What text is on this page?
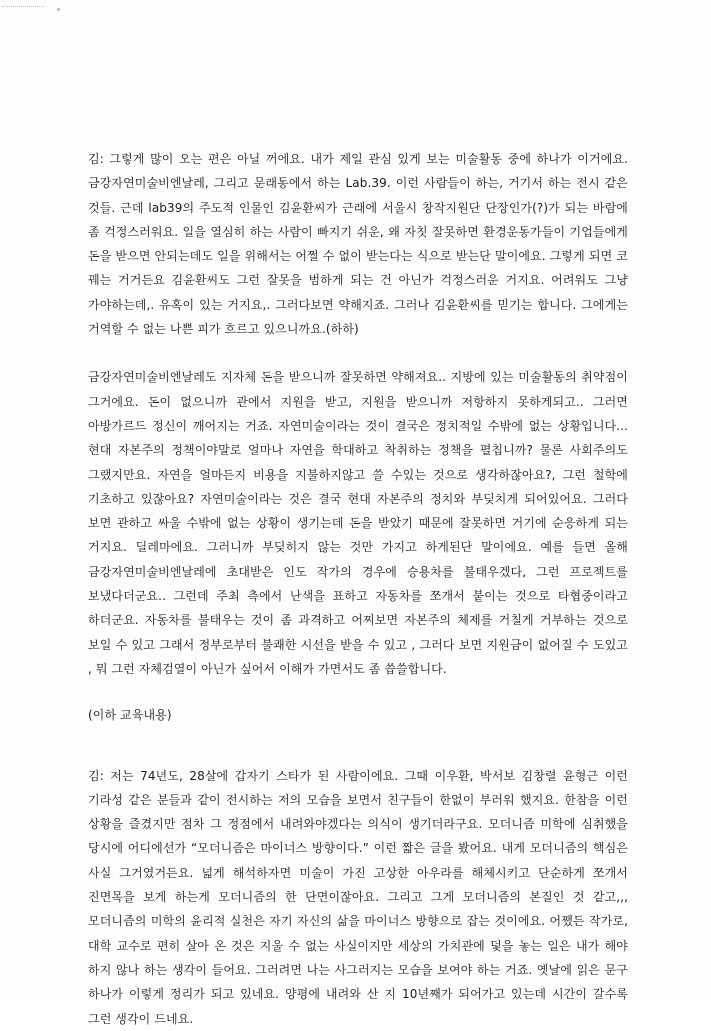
김: 그렇게 많이 오는 편은 아닐 꺼에요. 내가 제일 관심 있게 보는 미술활동 중에 하나가 이거에요. 금강자연미술비엔날레, 그리고 문래동에서 하는 Lab.39. 이런 사람들이 하는, 거기서 하는 전시 같은 것들. 근데 lab39의 주도적 인물인 김윤환씨가 근래에 서울시 창작지원단 단장인가(?)가 되는 바람에 좀 걱정스러워요. 일을 열심히 하는 사람이 빠지기 쉬운, 왜 자칫 잘못하면 환경운동가들이 기업들에게 돈을 받으면 안되는데도 일을 위해서는 어쩔 수 없이 받는다는 식으로 받는단 말이에요. 그렇게 되면 코 꿰는 거거든요 김윤환씨도 그런 잘못을 범하게 되는 건 아닌가 걱정스러운 거지요. 어려워도 그냥 가야하는데,. 유혹이 있는 거지요,. 그러다보면 약해지죠. 그러나 김윤환씨를 믿기는 합니다. 그에게는 거역할 수 없는 나쁜 피가 흐르고 있으니까요.(하하)

금강자연미술비엔날레도 지자체 돈을 받으니까 잘못하면 약해져요.. 지방에 있는 미술활동의 취약점이 그거에요. 돈이 없으니까 관에서 지원을 받고, 지원을 받으니까 저항하지 못하게되고.. 그러면 아방가르드 정신이 깨어지는 거죠. 자연미술이라는 것이 결국은 정치적일 수밖에 없는 상황입니다... 현대 자본주의 정책이야말로 얼마나 자연을 학대하고 착취하는 정책을 펼칩니까? 물론 사회주의도 그랬지만요. 자연을 얼마든지 비용을 지불하지않고 쓸 수있는 것으로 생각하잖아요?, 그런 철학에 기초하고 있잖아요? 자연미술이라는 것은 결국 현대 자본주의 정치와 부딪치게 되어있어요. 그러다 보면 관하고 싸울 수밖에 없는 상황이 생기는데 돈을 받았기 때문에 잘못하면 거기에 순응하게 되는 거지요. 딜레마에요. 그러니까 부딪히지 않는 것만 가지고 하게된단 말이에요. 예를 들면 올해 금강자연미술비엔날레에 초대받은 인도 작가의 경우에 승용차를 불태우겠다, 그런 프로젝트를 보냈다더군요.. 그런데 주최 측에서 난색을 표하고 자동차를 쪼개서 붙이는 것으로 타협중이라고 하더군요. 자동차를 불태우는 것이 좀 과격하고 어찌보면 자본주의 체제를 거칠게 거부하는 것으로 보일 수 있고 그래서 정부로부터 불쾌한 시선을 받을 수 있고 , 그러다 보면 지원금이 없어질 수 도있고 , 뭐 그런 자체검열이 아닌가 싶어서 이해가 가면서도 좀 씁쓸합니다.

(이하 교육내용)

김: 저는 74년도, 28살에 갑자기 스타가 된 사람이에요. 그때 이우환, 박서보 김창렬 윤형근 이런 기라성 같은 분들과 같이 전시하는 저의 모습을 보면서 친구들이 한없이 부러워 했지요. 한참을 이런 상황을 즐겼지만 점차 그 정점에서 내려와야겠다는 의식이 생기더라구요. 모더니즘 미학에 심취했을 당시에 어디에선가 “모더니즘은 마이너스 방향이다.” 이런 짧은 글을 봤어요. 내게 모더니즘의 핵심은 사실 그거였거든요. 넓게 해석하자면 미술이 가진 고상한 아우라를 해체시키고 단순하게 쪼개서 진면목을 보게 하는게 모더니즘의 한 단면이잖아요. 그리고 그게 모더니즘의 본질인 것 같고,,, 모더니즘의 미학의 윤리적 실천은 자기 자신의 삶을 마이너스 방향으로 잡는 것이에요. 어쨌든 작가로, 대학 교수로 편히 살아 온 것은 지울 수 없는 사실이지만 세상의 가치관에 덫을 놓는 일은 내가 해야 하지 않나 하는 생각이 들어요. 그러려면 나는 사그러지는 모습을 보여야 하는 거죠. 옛날에 읽은 문구 하나가 이렇게 정리가 되고 있네요. 양평에 내려와 산 지 10년째가 되어가고 있는데 시간이 갈수록 그런 생각이 드네요.
